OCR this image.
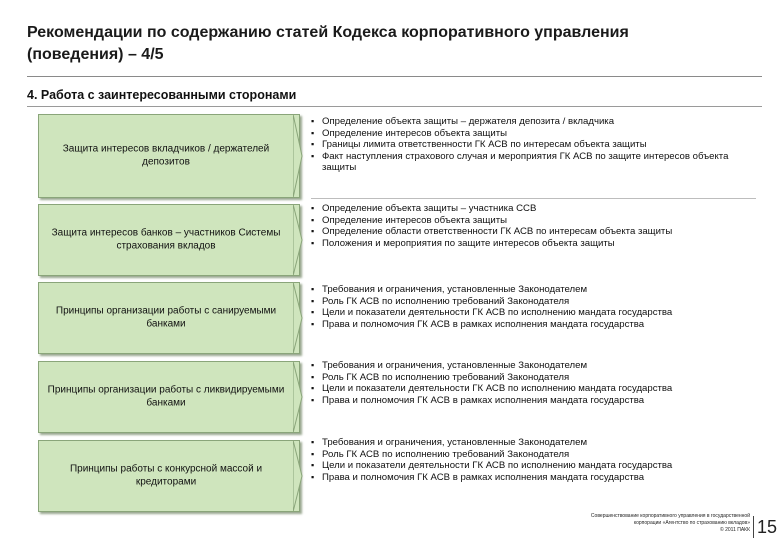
Рекомендации по содержанию статей Кодекса корпоративного управления
(поведения) – 4/5
4. Работа с заинтересованными сторонами
Защита интересов вкладчиков / держателей депозитов
▪ Определение объекта защиты – держателя депозита / вкладчика
▪ Определение интересов объекта защиты
▪ Границы лимита ответственности ГК АСВ по интересам объекта защиты
▪ Факт наступления страхового случая и мероприятия ГК АСВ по защите интересов объекта защиты
Защита интересов банков – участников Системы страхования вкладов
▪ Определение объекта защиты – участника ССВ
▪ Определение интересов объекта защиты
▪ Определение области ответственности ГК АСВ по интересам объекта защиты
▪ Положения и мероприятия по защите интересов объекта защиты
Принципы организации работы с санируемыми банками
▪ Требования и ограничения, установленные Законодателем
▪ Роль ГК АСВ по исполнению требований Законодателя
▪ Цели и показатели деятельности ГК АСВ по исполнению мандата государства
▪ Права и полномочия ГК АСВ в рамках исполнения мандата государства
Принципы организации работы с ликвидируемыми банками
▪ Требования и ограничения, установленные Законодателем
▪ Роль ГК АСВ по исполнению требований Законодателя
▪ Цели и показатели деятельности ГК АСВ по исполнению мандата государства
▪ Права и полномочия ГК АСВ в рамках исполнения мандата государства
Принципы работы с конкурсной массой и кредиторами
▪ Требования и ограничения, установленные Законодателем
▪ Роль ГК АСВ по исполнению требований Законодателя
▪ Цели и показатели деятельности ГК АСВ по исполнению мандата государства
▪ Права и полномочия ГК АСВ в рамках исполнения мандата государства
Совершенствование корпоративного управления в государственной
корпорации «Агентство по страхованию вкладов»
© 2011 ПАКК 15
